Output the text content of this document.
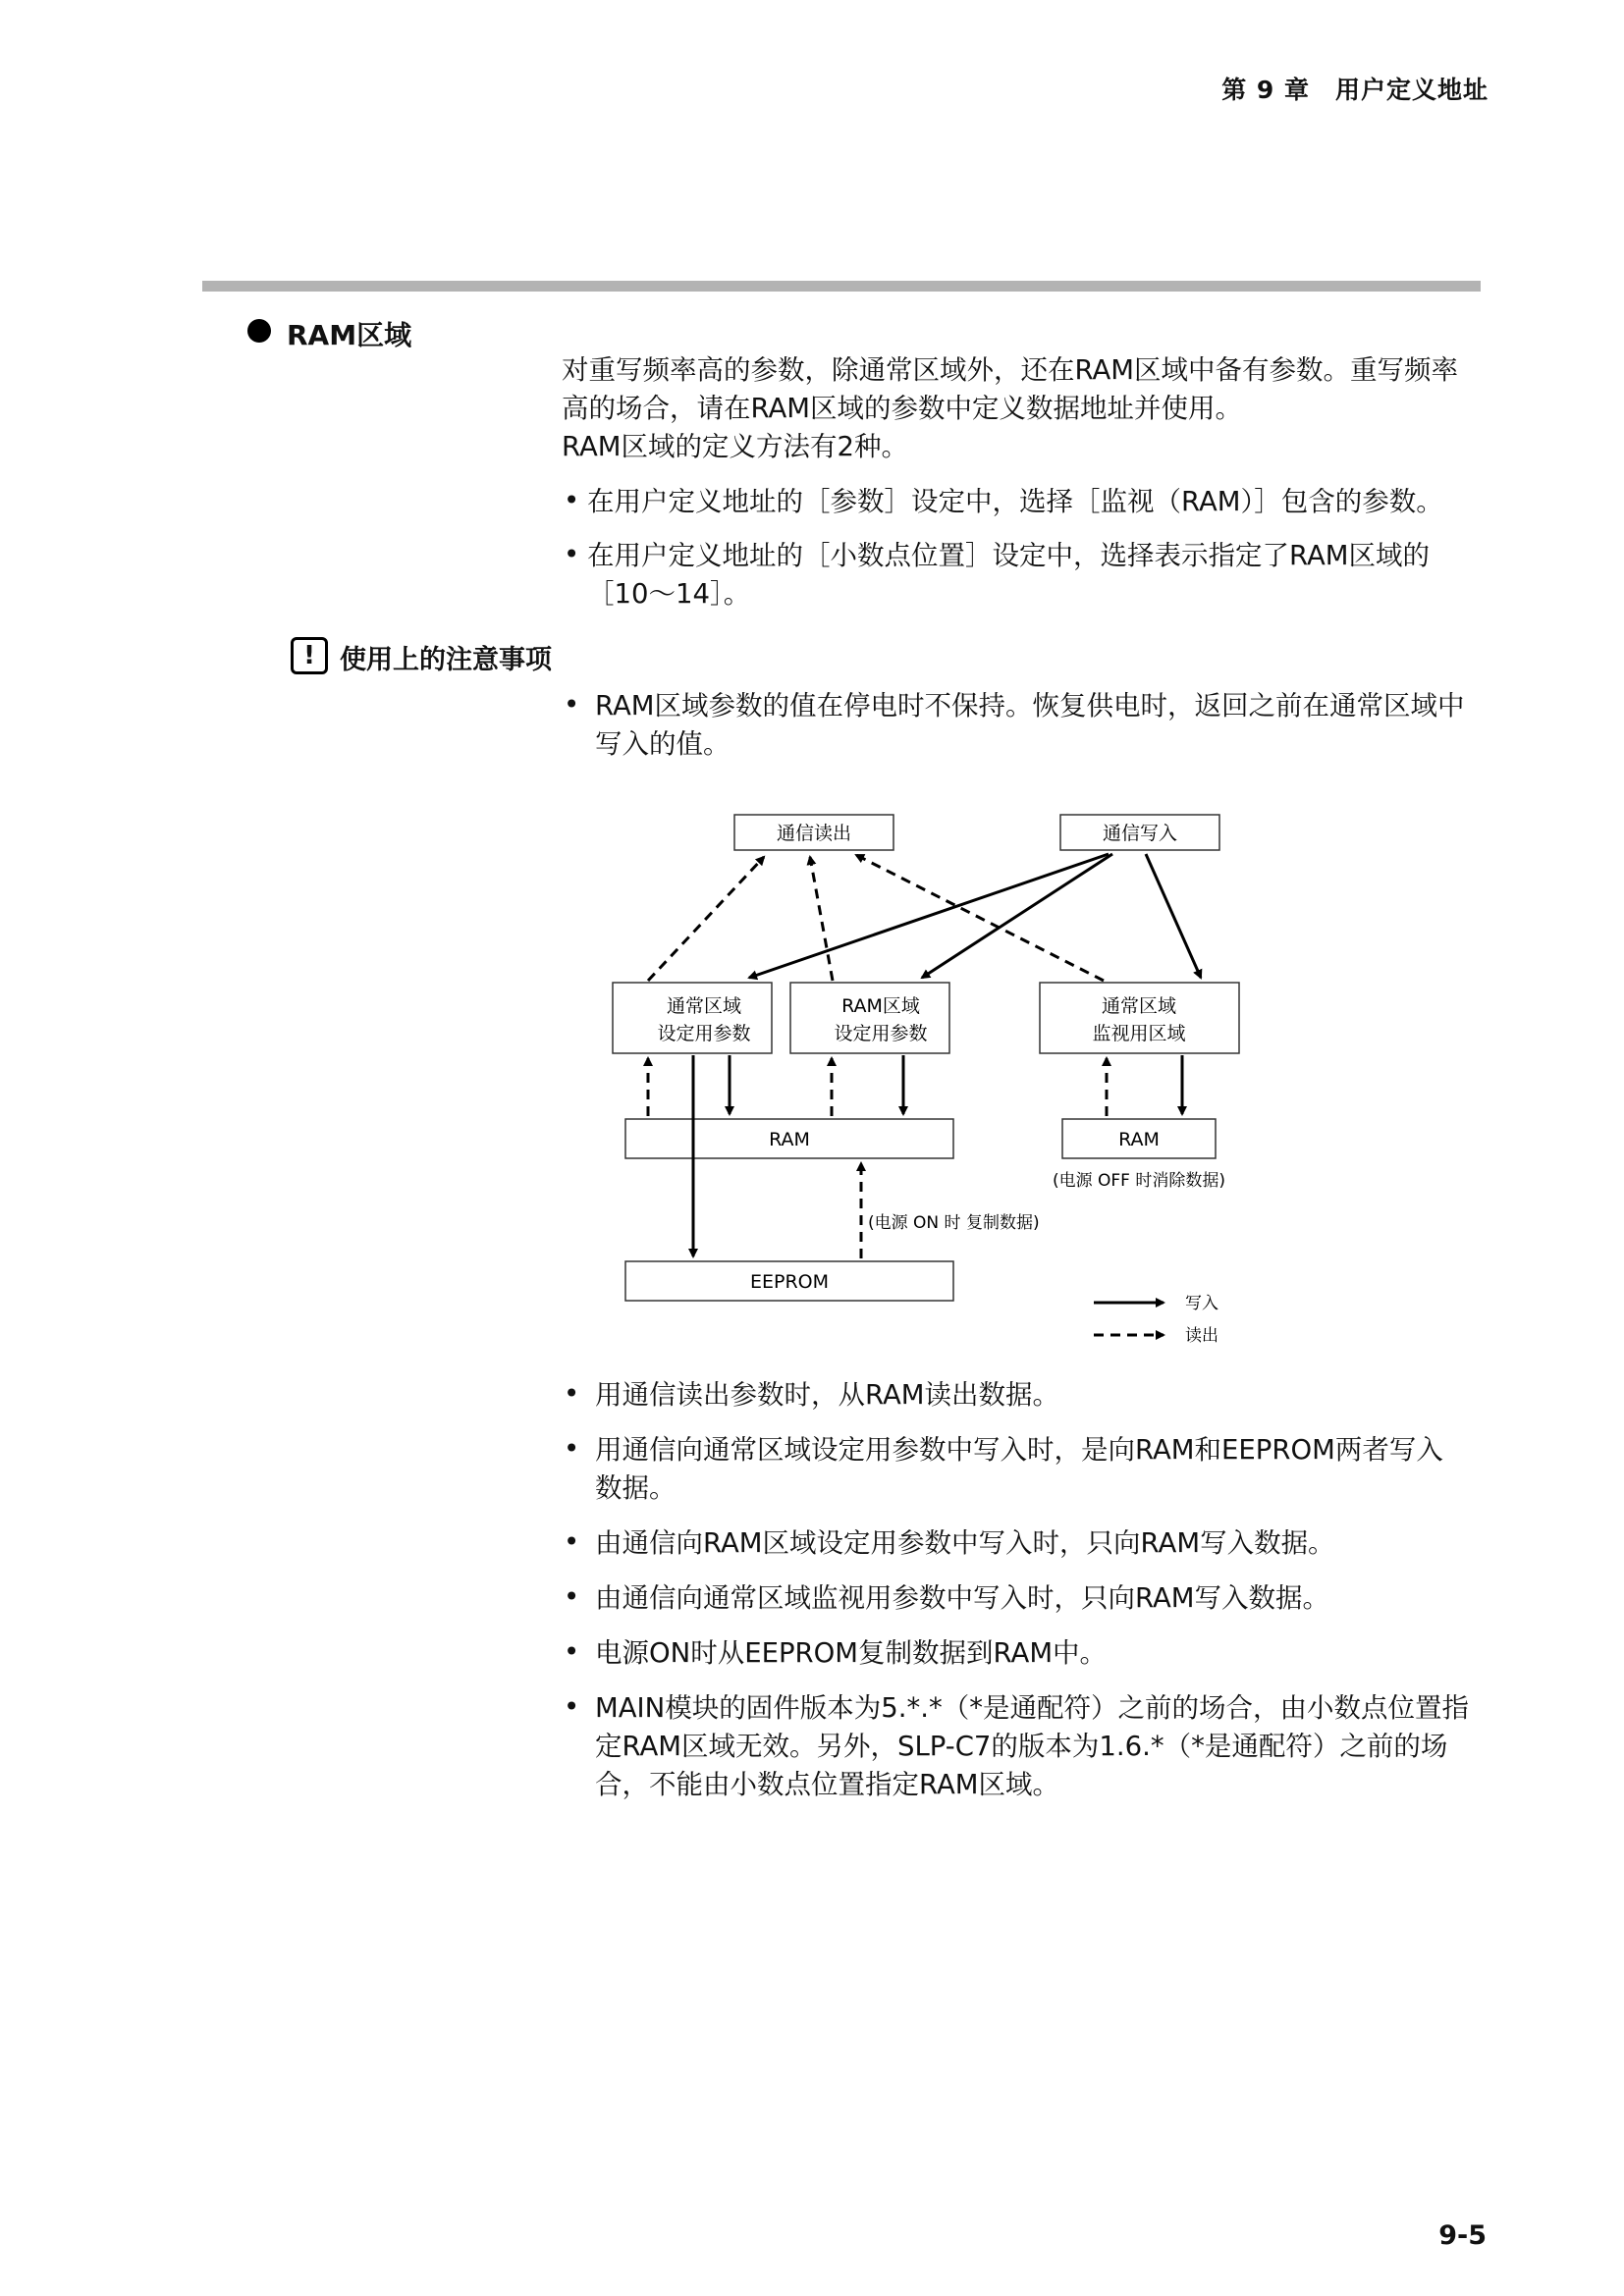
第 9 章　用户定义地址
RAM区域
对重写频率高的参数，除通常区域外，还在RAM区域中备有参数。重写频率
高的场合，请在RAM区域的参数中定义数据地址并使用。
RAM区域的定义方法有2种。
• 在用户定义地址的［参数］设定中，选择［监视（RAM）］包含的参数。
• 在用户定义地址的［小数点位置］设定中，选择表示指定了RAM区域的
［10～14］。
! 使用上的注意事项
• RAM区域参数的值在停电时不保持。恢复供电时，返回之前在通常区域中
写入的值。
通信读出	通信写入
通常区域
设定用参数
RAM区域
设定用参数
通常区域
监视用区域
RAM	RAM
(电源 OFF 时消除数据)
EEPROM
(电源 ON 时 复制数据)
写入
读出
• 用通信读出参数时，从RAM读出数据。
• 用通信向通常区域设定用参数中写入时，是向RAM和EEPROM两者写入
数据。
• 由通信向RAM区域设定用参数中写入时，只向RAM写入数据。
• 由通信向通常区域监视用参数中写入时，只向RAM写入数据。
• 电源ON时从EEPROM复制数据到RAM中。
• MAIN模块的固件版本为5.*.*（*是通配符）之前的场合，由小数点位置指
定RAM区域无效。另外，SLP-C7的版本为1.6.*（*是通配符）之前的场
合，不能由小数点位置指定RAM区域。
9-5
